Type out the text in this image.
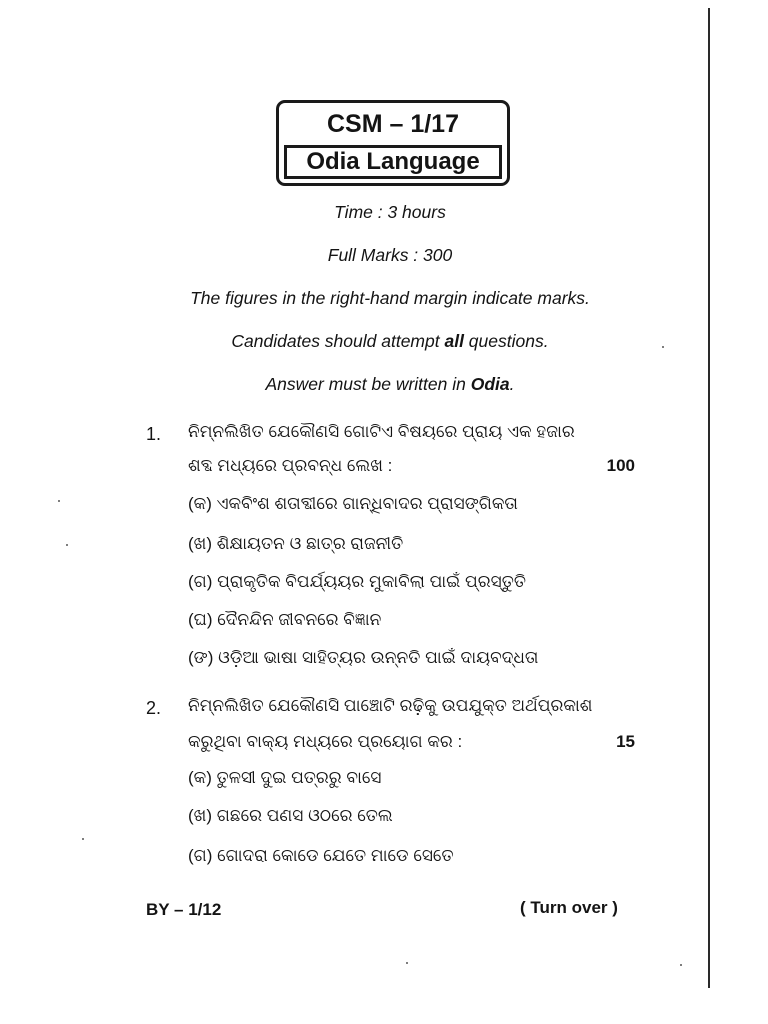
CSM – 1/17
Odia Language
Time : 3 hours
Full Marks : 300
The figures in the right-hand margin indicate marks.
Candidates should attempt all questions.
Answer must be written in Odia.
1. ନିମ୍ନଲିଖିତ ଯେକୌଣସି ଗୋଟିଏ ବିଷୟରେ ପ୍ରାୟ ଏକ ହଜାର
ଶବ୍ଦ ମଧ୍ୟରେ ପ୍ରବନ୍ଧ ଲେଖ :	100
(କ) ଏକବିଂଶ ଶତାବ୍ଦୀରେ ଗାନ୍ଧିବାଦର ପ୍ରାସଙ୍ଗିକତା
(ଖ) ଶିକ୍ଷାୟତନ ଓ ଛାତ୍ର ରାଜନୀତି
(ଗ) ପ୍ରାକୃତିକ ବିପର୍ଯ୍ୟୟର ମୁକାବିଲା ପାଇଁ ପ୍ରସ୍ତୁତି
(ଘ) ଦୈନନ୍ଦିନ ଜୀବନରେ ବିଜ୍ଞାନ
(ଙ) ଓଡ଼ିଆ ଭାଷା ସାହିତ୍ୟର ଉନ୍ନତି ପାଇଁ ଦାୟବଦ୍ଧତା
2. ନିମ୍ନଲିଖିତ ଯେକୌଣସି ପାଞ୍ଚୋଟି ରଢ଼ିକୁ ଉପଯୁକ୍ତ ଅର୍ଥପ୍ରକାଶ
କରୁଥିବା ବାକ୍ୟ ମଧ୍ୟରେ ପ୍ରୟୋଗ କର :	15
(କ) ତୁଳସୀ ଦୁଇ ପତ୍ରରୁ ବାସେ
(ଖ) ଗଛରେ ପଣସ ଓଠରେ ତେଲ
(ଗ) ଗୋଦରା କୋଡେ ଯେତେ ମାଡେ ସେତେ
BY – 1/12	( Turn over )
